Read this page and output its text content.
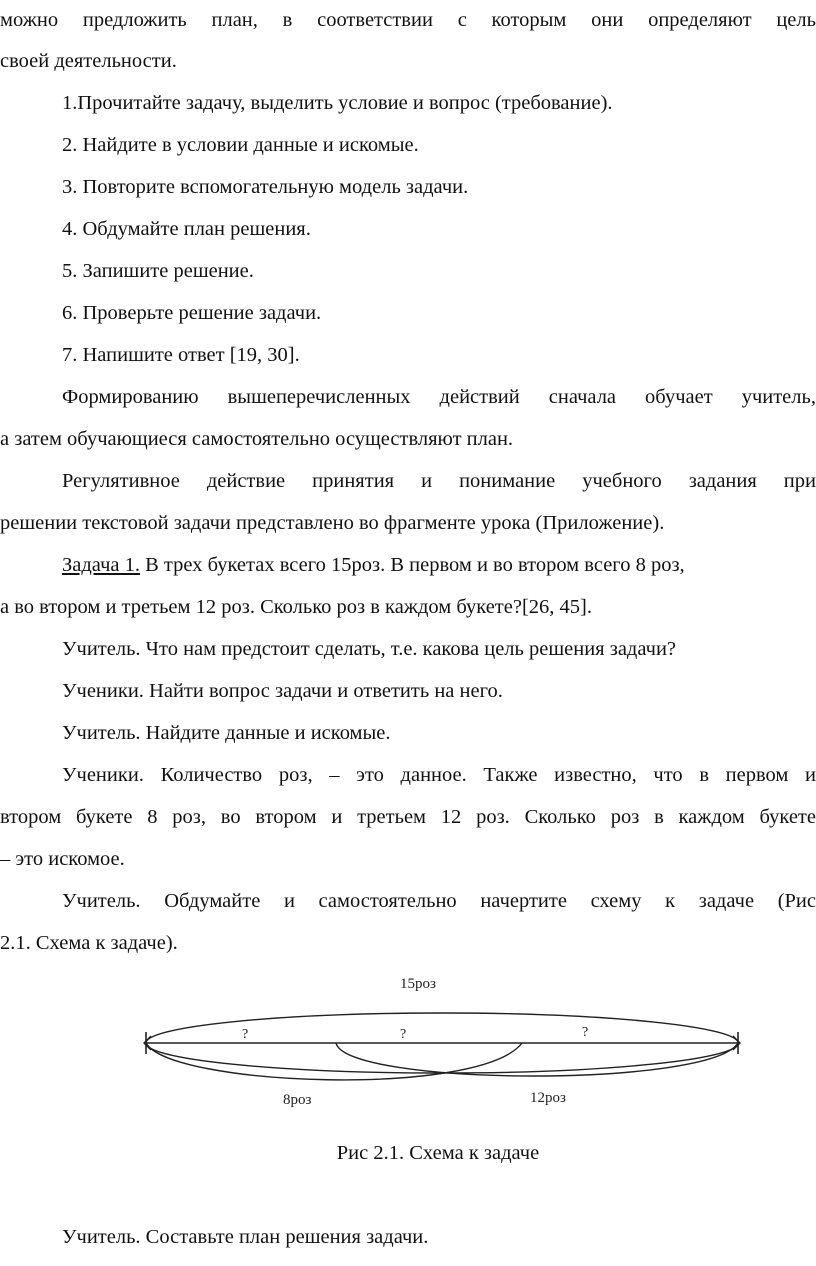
можно предложить план, в соответствии с которым они определяют цель
своей деятельности.
1.Прочитайте задачу, выделить условие и вопрос (требование).
2. Найдите в условии данные и искомые.
3. Повторите вспомогательную модель задачи.
4. Обдумайте план решения.
5. Запишите решение.
6. Проверьте решение задачи.
7. Напишите ответ [19, 30].
Формированию вышеперечисленных действий сначала обучает учитель,
а затем обучающиеся самостоятельно осуществляют план.
Регулятивное действие принятия и понимание учебного задания при
решении текстовой задачи представлено во фрагменте урока (Приложение).
Задача 1. В трех букетах всего 15роз. В первом и во втором всего 8 роз,
а во втором и третьем 12 роз. Сколько роз в каждом букете?[26, 45].
Учитель. Что нам предстоит сделать, т.е. какова цель решения задачи?
Ученики. Найти вопрос задачи и ответить на него.
Учитель. Найдите данные и искомые.
Ученики. Количество роз, – это данное. Также известно, что в первом и
втором букете 8 роз, во втором и третьем 12 роз. Сколько роз в каждом букете
– это искомое.
Учитель. Обдумайте и самостоятельно начертите схему к задаче (Рис
2.1. Схема к задаче).
15роз
?	?	?
8роз	12роз
Рис 2.1. Схема к задаче
Учитель. Составьте план решения задачи.
